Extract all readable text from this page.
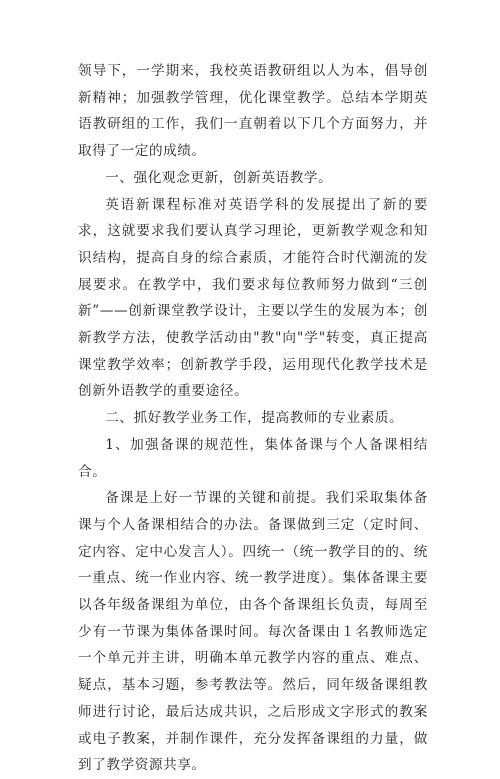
领导下，一学期来，我校英语教研组以人为本，倡导创新精神；加强教学管理，优化课堂教学。总结本学期英语教研组的工作，我们一直朝着以下几个方面努力，并取得了一定的成绩。

一、强化观念更新，创新英语教学。

英语新课程标准对英语学科的发展提出了新的要求，这就要求我们要认真学习理论，更新教学观念和知识结构，提高自身的综合素质，才能符合时代潮流的发展要求。在教学中，我们要求每位教师努力做到“三创新”——创新课堂教学设计，主要以学生的发展为本；创新教学方法，使教学活动由"教"向"学"转变，真正提高课堂教学效率；创新教学手段，运用现代化教学技术是创新外语教学的重要途径。

二、抓好教学业务工作，提高教师的专业素质。

1、加强备课的规范性，集体备课与个人备课相结合。

备课是上好一节课的关键和前提。我们采取集体备课与个人备课相结合的办法。备课做到三定（定时间、定内容、定中心发言人）。四统一（统一教学目的的、统一重点、统一作业内容、统一教学进度）。集体备课主要以各年级备课组为单位，由各个备课组长负责，每周至少有一节课为集体备课时间。每次备课由１名教师选定一个单元并主讲，明确本单元教学内容的重点、难点、疑点，基本习题，参考教法等。然后，同年级备课组教师进行讨论，最后达成共识，之后形成文字形式的教案或电子教案，并制作课件，充分发挥备课组的力量，做到了教学资源共享。
